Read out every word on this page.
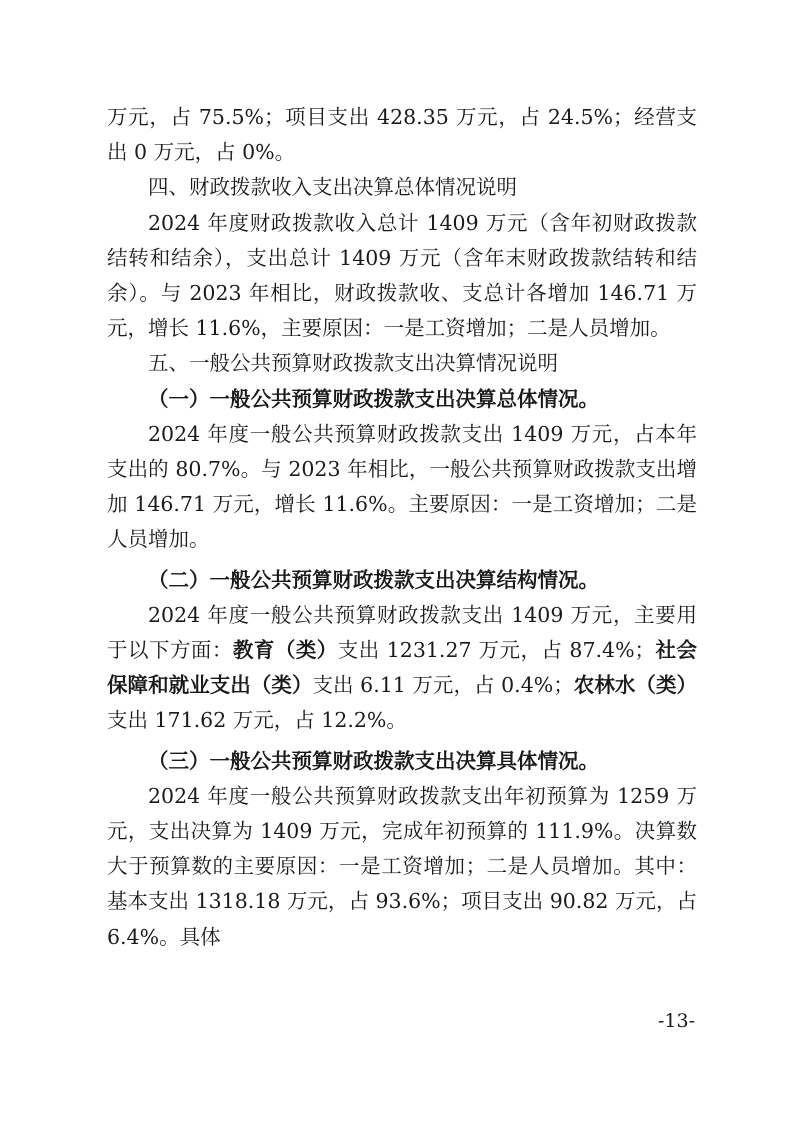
万元，占 75.5%；项目支出 428.35 万元，占 24.5%；经营支出 0 万元，占 0%。

四、财政拨款收入支出决算总体情况说明

2024 年度财政拨款收入总计 1409 万元（含年初财政拨款结转和结余），支出总计 1409 万元（含年末财政拨款结转和结余）。与 2023 年相比，财政拨款收、支总计各增加 146.71 万元，增长 11.6%，主要原因：一是工资增加；二是人员增加。

五、一般公共预算财政拨款支出决算情况说明
（一）一般公共预算财政拨款支出决算总体情况。

2024 年度一般公共预算财政拨款支出 1409 万元，占本年支出的 80.7%。与 2023 年相比，一般公共预算财政拨款支出增加 146.71 万元，增长 11.6%。主要原因：一是工资增加；二是人员增加。

（二）一般公共预算财政拨款支出决算结构情况。

2024 年度一般公共预算财政拨款支出 1409 万元，主要用于以下方面：教育（类）支出 1231.27 万元，占 87.4%；社会保障和就业支出（类）支出 6.11 万元，占 0.4%；农林水（类）支出 171.62 万元，占 12.2%。

（三）一般公共预算财政拨款支出决算具体情况。

2024 年度一般公共预算财政拨款支出年初预算为 1259 万元，支出决算为 1409 万元，完成年初预算的 111.9%。决算数大于预算数的主要原因：一是工资增加；二是人员增加。其中：基本支出 1318.18 万元，占 93.6%；项目支出 90.82 万元，占 6.4%。具体

-13-
